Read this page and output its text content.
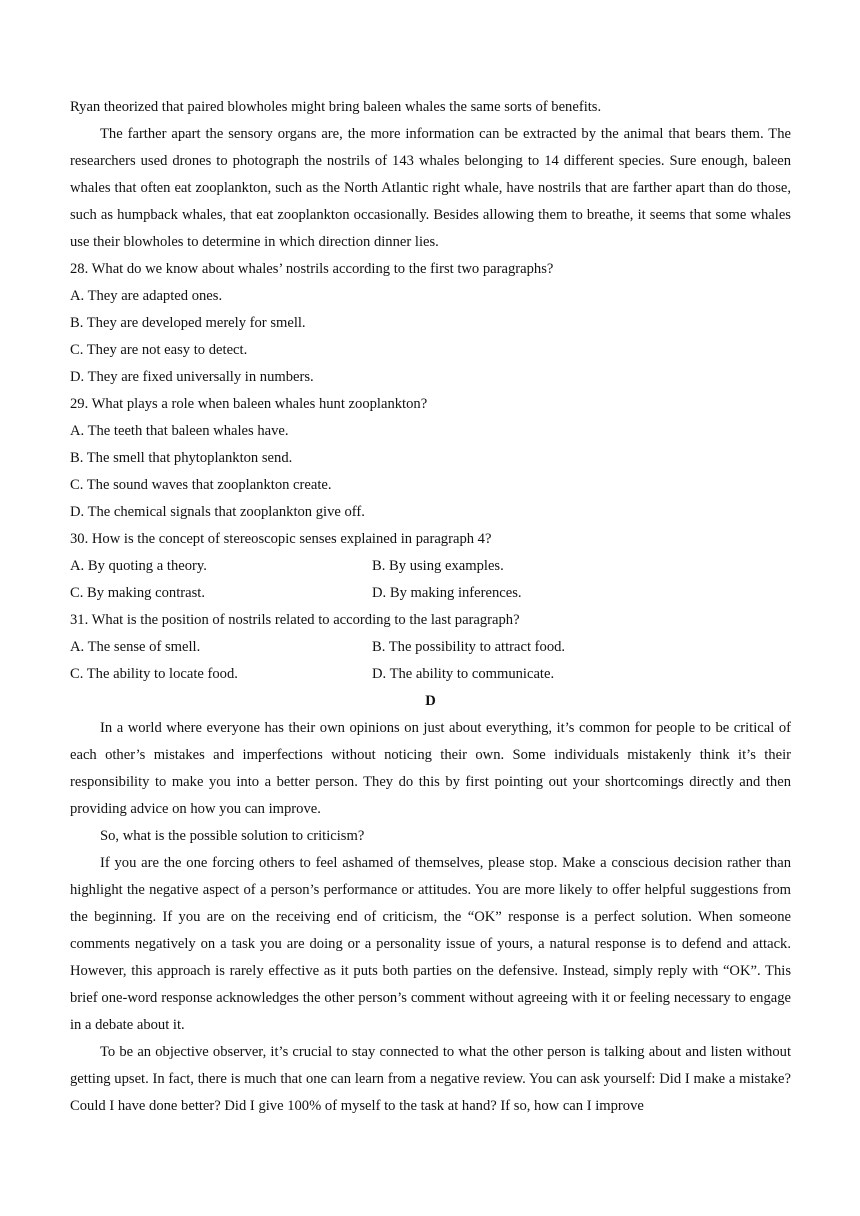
Ryan theorized that paired blowholes might bring baleen whales the same sorts of benefits.

The farther apart the sensory organs are, the more information can be extracted by the animal that bears them. The researchers used drones to photograph the nostrils of 143 whales belonging to 14 different species. Sure enough, baleen whales that often eat zooplankton, such as the North Atlantic right whale, have nostrils that are farther apart than do those, such as humpback whales, that eat zooplankton occasionally. Besides allowing them to breathe, it seems that some whales use their blowholes to determine in which direction dinner lies.

28. What do we know about whales’ nostrils according to the first two paragraphs?

A. They are adapted ones.

B. They are developed merely for smell.

C. They are not easy to detect.

D. They are fixed universally in numbers.

29. What plays a role when baleen whales hunt zooplankton?

A. The teeth that baleen whales have.

B. The smell that phytoplankton send.

C. The sound waves that zooplankton create.

D. The chemical signals that zooplankton give off.

30. How is the concept of stereoscopic senses explained in paragraph 4?

A. By quoting a theory.	B. By using examples.
C. By making contrast.	D. By making inferences.

31. What is the position of nostrils related to according to the last paragraph?

A. The sense of smell.	B. The possibility to attract food.
C. The ability to locate food.	D. The ability to communicate.

D

In a world where everyone has their own opinions on just about everything, it’s common for people to be critical of each other’s mistakes and imperfections without noticing their own. Some individuals mistakenly think it’s their responsibility to make you into a better person. They do this by first pointing out your shortcomings directly and then providing advice on how you can improve.

So, what is the possible solution to criticism?

If you are the one forcing others to feel ashamed of themselves, please stop. Make a conscious decision rather than highlight the negative aspect of a person’s performance or attitudes. You are more likely to offer helpful suggestions from the beginning. If you are on the receiving end of criticism, the “OK” response is a perfect solution. When someone comments negatively on a task you are doing or a personality issue of yours, a natural response is to defend and attack. However, this approach is rarely effective as it puts both parties on the defensive. Instead, simply reply with “OK”. This brief one-word response acknowledges the other person’s comment without agreeing with it or feeling necessary to engage in a debate about it.

To be an objective observer, it’s crucial to stay connected to what the other person is talking about and listen without getting upset. In fact, there is much that one can learn from a negative review. You can ask yourself: Did I make a mistake? Could I have done better? Did I give 100% of myself to the task at hand? If so, how can I improve
